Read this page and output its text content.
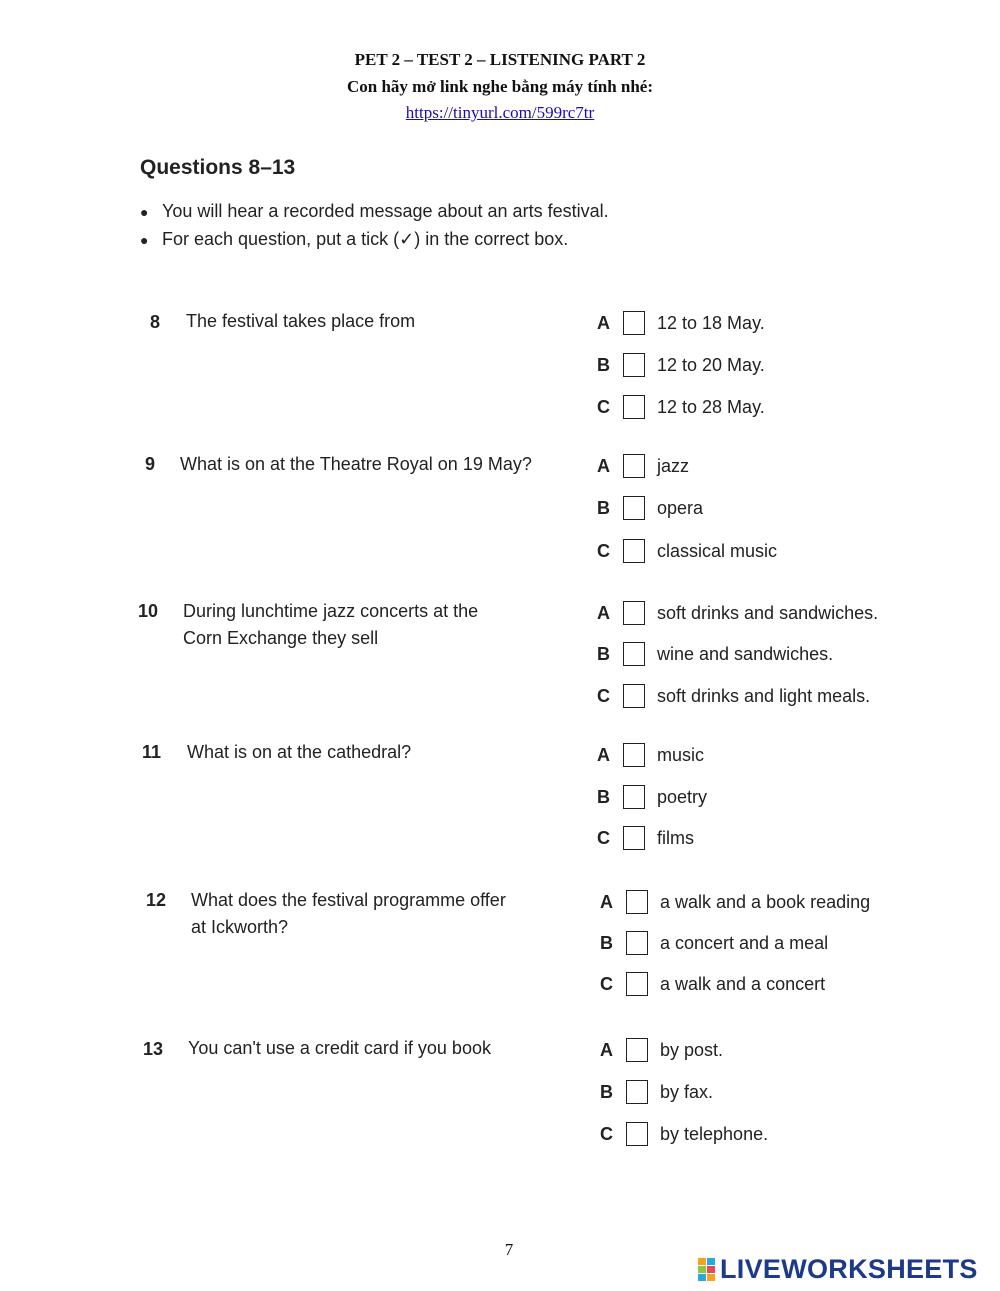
PET 2 – TEST 2 – LISTENING PART 2
Con hãy mở link nghe bằng máy tính nhé:
https://tinyurl.com/599rc7tr
Questions 8–13
● You will hear a recorded message about an arts festival.
● For each question, put a tick (✓) in the correct box.
8 The festival takes place from	A	12 to 18 May.
B	12 to 20 May.
C	12 to 28 May.
9 What is on at the Theatre Royal on 19 May?	A	jazz
B	opera
C	classical music
10 During lunchtime jazz concerts at the
Corn Exchange they sell
A	soft drinks and sandwiches.
B	wine and sandwiches.
C	soft drinks and light meals.
11 What is on at the cathedral?	A	music
B	poetry
C	films
12 What does the festival programme offer
at Ickworth?
A	a walk and a book reading
B	a concert and a meal
C	a walk and a concert
13 You can't use a credit card if you book	A	by post.
B	by fax.
C	by telephone.
7
LIVEWORKSHEETS
